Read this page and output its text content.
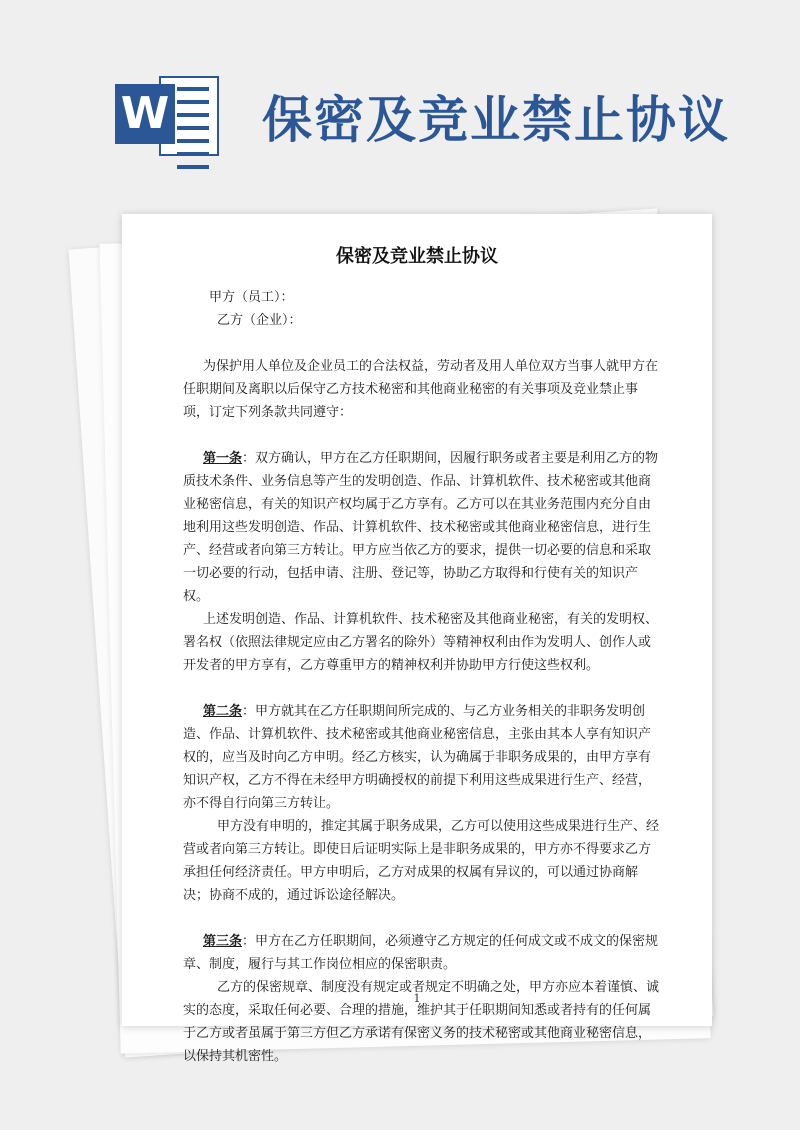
W 保密及竞业禁止协议
保密及竞业禁止协议

甲方（员工）：

乙方（企业）：

为保护用人单位及企业员工的合法权益，劳动者及用人单位双方当事人就甲方在任职期间及离职以后保守乙方技术秘密和其他商业秘密的有关事项及竞业禁止事项，订定下列条款共同遵守：

第一条：双方确认，甲方在乙方任职期间，因履行职务或者主要是利用乙方的物质技术条件、业务信息等产生的发明创造、作品、计算机软件、技术秘密或其他商业秘密信息，有关的知识产权均属于乙方享有。乙方可以在其业务范围内充分自由地利用这些发明创造、作品、计算机软件、技术秘密或其他商业秘密信息，进行生产、经营或者向第三方转让。甲方应当依乙方的要求，提供一切必要的信息和采取一切必要的行动，包括申请、注册、登记等，协助乙方取得和行使有关的知识产权。

上述发明创造、作品、计算机软件、技术秘密及其他商业秘密，有关的发明权、署名权（依照法律规定应由乙方署名的除外）等精神权利由作为发明人、创作人或开发者的甲方享有，乙方尊重甲方的精神权利并协助甲方行使这些权利。

第二条：甲方就其在乙方任职期间所完成的、与乙方业务相关的非职务发明创造、作品、计算机软件、技术秘密或其他商业秘密信息，主张由其本人享有知识产权的，应当及时向乙方申明。经乙方核实，认为确属于非职务成果的，由甲方享有知识产权，乙方不得在未经甲方明确授权的前提下利用这些成果进行生产、经营，亦不得自行向第三方转让。

甲方没有申明的，推定其属于职务成果，乙方可以使用这些成果进行生产、经营或者向第三方转让。即使日后证明实际上是非职务成果的，甲方亦不得要求乙方承担任何经济责任。甲方申明后，乙方对成果的权属有异议的，可以通过协商解决；协商不成的，通过诉讼途径解决。

第三条：甲方在乙方任职期间，必须遵守乙方规定的任何成文或不成文的保密规章、制度，履行与其工作岗位相应的保密职责。

乙方的保密规章、制度没有规定或者规定不明确之处，甲方亦应本着谨慎、诚实的态度，采取任何必要、合理的措施，维护其于任职期间知悉或者持有的任何属于乙方或者虽属于第三方但乙方承诺有保密义务的技术秘密或其他商业秘密信息，以保持其机密性。

1
